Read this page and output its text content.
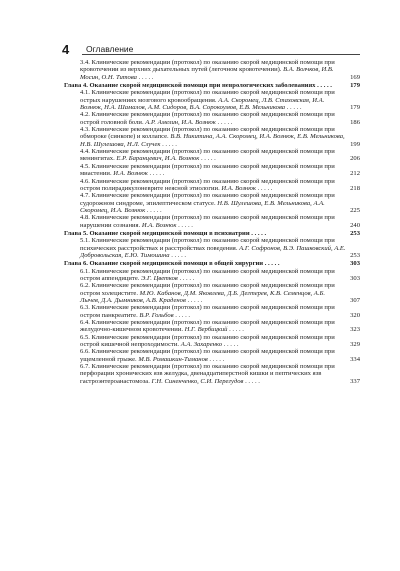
4 Оглавление
3.4. Клинические рекомендации (протокол) по оказанию скорой медицинской помощи при кровотечении из верхних дыхательных путей (легочном кровотечении). В.А. Волчков, И.В. Мосин, О.Н. Титова . . . . .	169
Глава 4. Оказание скорой медицинской помощи при неврологических заболеваниях . . . . .	179
4.1. Клинические рекомендации (протокол) по оказанию скорой медицинской помощи при острых нарушениях мозгового кровообращения. А.А. Скоромец, Л.В. Стаховская, И.А. Вознюк, Н.А. Шамалов, А.М. Сидоров, В.А. Сорокоумов, Е.В. Мельникова . . . . .	179
4.2. Клинические рекомендации (протокол) по оказанию скорой медицинской помощи при острой головной боли. А.Р. Амелин, И.А. Вознюк . . . . .	186
4.3. Клинические рекомендации (протокол) по оказанию скорой медицинской помощи при обмороке (синкопе) и коллапсе. В.В. Никитина, А.А. Скоромец, И.А. Вознюк, Е.В. Мельникова, Н.В. Шулешова, Н.Л. Случек . . . . .	199
4.4. Клинические рекомендации (протокол) по оказанию скорой медицинской помощи при менингитах. Е.Р. Баранцевич, И.А. Вознюк . . . . .	206
4.5. Клинические рекомендации (протокол) по оказанию скорой медицинской помощи при миастении. И.А. Вознюк . . . . .	212
4.6. Клинические рекомендации (протокол) по оказанию скорой медицинской помощи при остром полирадикулоневрите неясной этиологии. И.А. Вознюк . . . . .	218
4.7. Клинические рекомендации (протокол) по оказанию скорой медицинской помощи при судорожном синдроме, эпилептическом статусе. Н.В. Шулешова, Е.В. Мельникова, А.А. Скоромец, И.А. Вознюк . . . . .	225
4.8. Клинические рекомендации (протокол) по оказанию скорой медицинской помощи при нарушении сознания. И.А. Вознюк . . . . .	240
Глава 5. Оказание скорой медицинской помощи в психиатрии . . . . .	253
5.1. Клинические рекомендации (протокол) по оказанию скорой медицинской помощи при психических расстройствах и расстройствах поведения. А.Г. Софронов, В.Э. Пашковский, А.Е. Добровольская, Е.Ю. Тимошина . . . . .	253
Глава 6. Оказание скорой медицинской помощи в общей хирургии . . . . .	303
6.1. Клинические рекомендации (протокол) по оказанию скорой медицинской помощи при остром аппендиците. Э.Г. Цветков . . . . .	303
6.2. Клинические рекомендации (протокол) по оказанию скорой медицинской помощи при остром холецистите. М.Ю. Кабанов, Д.М. Яковлева, Д.Б. Дегтерев, К.В. Семенцов, А.Б. Лычев, Д.А. Дымников, А.В. Краденов . . . . .	307
6.3. Клинические рекомендации (протокол) по оказанию скорой медицинской помощи при остром панкреатите. В.Р. Гольбов . . . . .	320
6.4. Клинические рекомендации (протокол) по оказанию скорой медицинской помощи при желудочно-кишечном кровотечении. Н.Г. Вербицкий . . . . .	323
6.5. Клинические рекомендации (протокол) по оказанию скорой медицинской помощи при острой кишечной непроходимости. А.А. Захаренко . . . . .	329
6.6. Клинические рекомендации (протокол) по оказанию скорой медицинской помощи при ущемленной грыже. М.В. Ромашкин-Тиманов . . . . .	334
6.7. Клинические рекомендации (протокол) по оказанию скорой медицинской помощи при перфорации хронических язв желудка, двенадцатиперстной кишки и пептических язв гастроэнтероанастомоза. Г.Н. Синенченко, С.И. Перегудов . . . . .	337
